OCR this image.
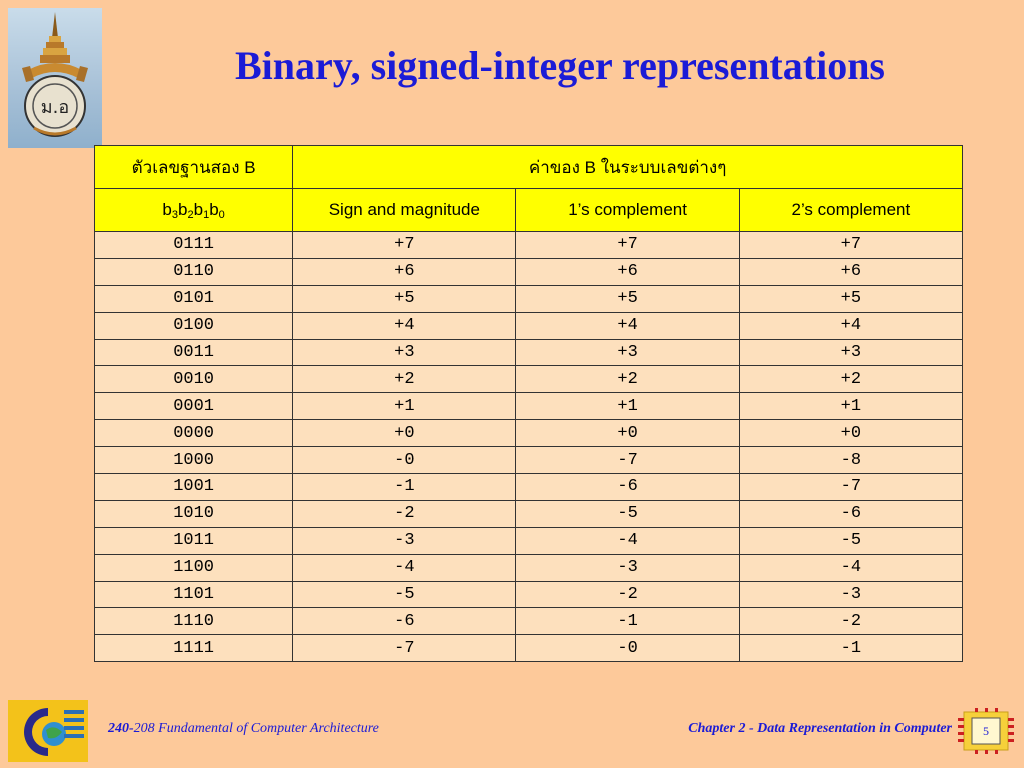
ม.อ
Binary, signed-integer representations
ตัวเลขฐานสอง B	ค่าของ B ในระบบเลขต่างๆ		
$b_3b_2b_1b_0$	Sign and magnitude	1’s complement	2’s complement
0111	+7	+7	+7
0110	+6	+6	+6
0101	+5	+5	+5
0100	+4	+4	+4
0011	+3	+3	+3
0010	+2	+2	+2
0001	+1	+1	+1
0000	+0	+0	+0
1000	-0	-7	-8
1001	-1	-6	-7
1010	-2	-5	-6
1011	-3	-4	-5
1100	-4	-3	-4
1101	-5	-2	-3
1110	-6	-1	-2
1111	-7	-0	-1
240-208 Fundamental of Computer Architecture	Chapter 2 - Data Representation in Computer	5
